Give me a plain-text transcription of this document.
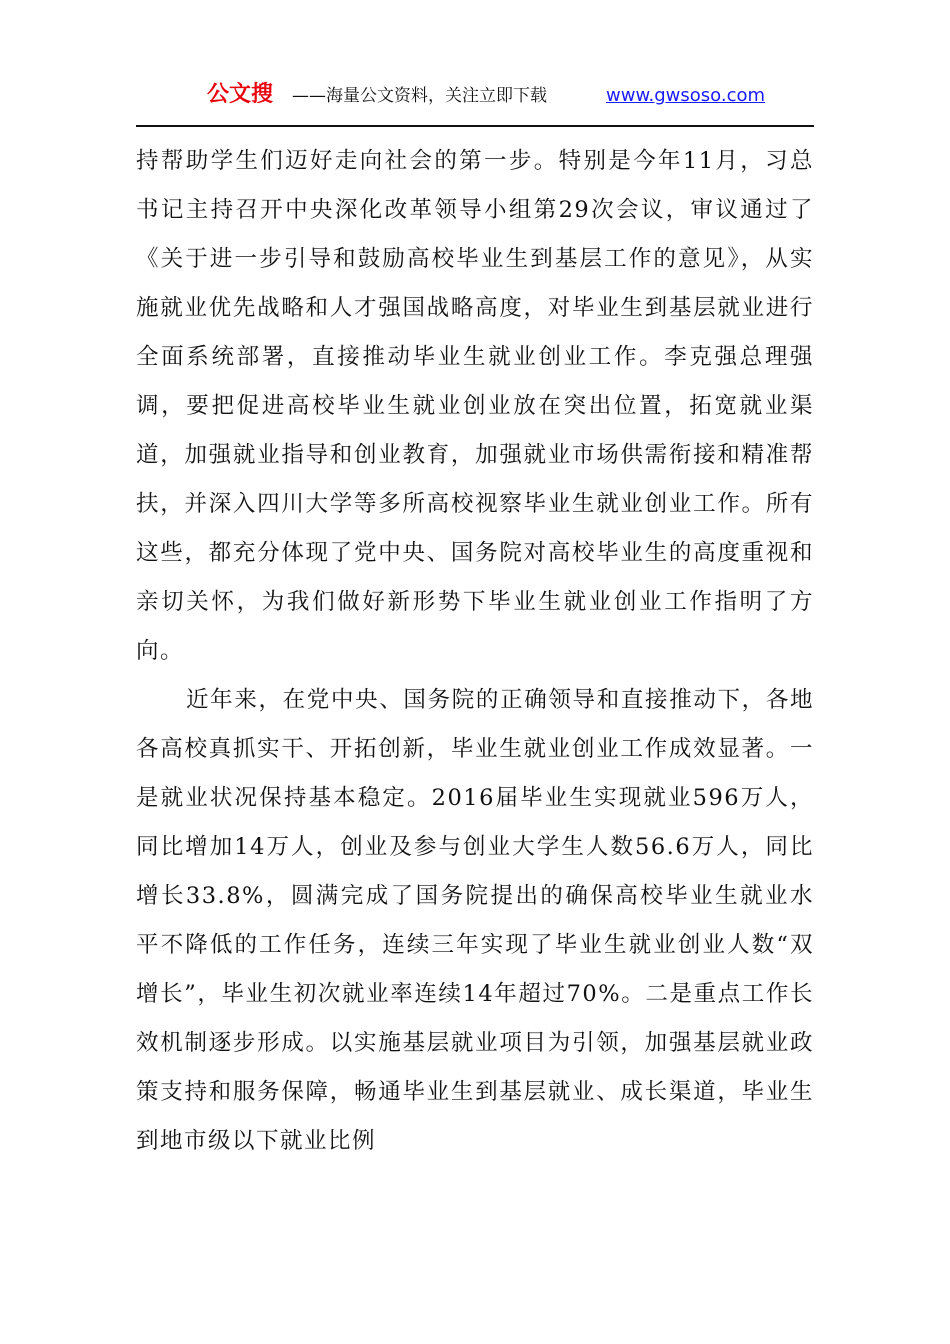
公文搜 ——海量公文资料，关注立即下载	www.gwsoso.com

持帮助学生们迈好走向社会的第一步。特别是今年11月，习总书记主持召开中央深化改革领导小组第29次会议，审议通过了《关于进一步引导和鼓励高校毕业生到基层工作的意见》，从实施就业优先战略和人才强国战略高度，对毕业生到基层就业进行全面系统部署，直接推动毕业生就业创业工作。李克强总理强调，要把促进高校毕业生就业创业放在突出位置，拓宽就业渠道，加强就业指导和创业教育，加强就业市场供需衔接和精准帮扶，并深入四川大学等多所高校视察毕业生就业创业工作。所有这些，都充分体现了党中央、国务院对高校毕业生的高度重视和亲切关怀，为我们做好新形势下毕业生就业创业工作指明了方向。

近年来，在党中央、国务院的正确领导和直接推动下，各地各高校真抓实干、开拓创新，毕业生就业创业工作成效显著。一是就业状况保持基本稳定。2016届毕业生实现就业596万人，同比增加14万人，创业及参与创业大学生人数56.6万人，同比增长33.8%，圆满完成了国务院提出的确保高校毕业生就业水平不降低的工作任务，连续三年实现了毕业生就业创业人数“双增长”，毕业生初次就业率连续14年超过70%。二是重点工作长效机制逐步形成。以实施基层就业项目为引领，加强基层就业政策支持和服务保障，畅通毕业生到基层就业、成长渠道，毕业生到地市级以下就业比例
